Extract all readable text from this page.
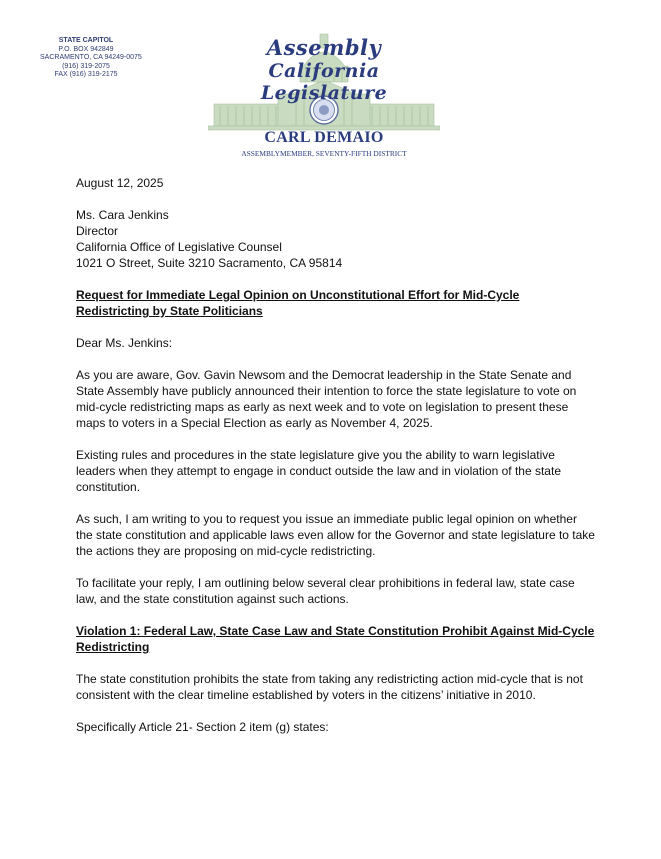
STATE CAPITOL
P.O. BOX 942849
SACRAMENTO, CA 94249-0075
(916) 319-2075
FAX (916) 319-2175
Assembly
California Legislature
CARL DEMAIO
ASSEMBLYMEMBER, SEVENTY-FIFTH DISTRICT

August 12, 2025

Ms. Cara Jenkins
Director
California Office of Legislative Counsel
1021 O Street, Suite 3210 Sacramento, CA 95814

Request for Immediate Legal Opinion on Unconstitutional Effort for Mid-Cycle Redistricting by State Politicians

Dear Ms. Jenkins:

As you are aware, Gov. Gavin Newsom and the Democrat leadership in the State Senate and State Assembly have publicly announced their intention to force the state legislature to vote on mid-cycle redistricting maps as early as next week and to vote on legislation to present these maps to voters in a Special Election as early as November 4, 2025.

Existing rules and procedures in the state legislature give you the ability to warn legislative leaders when they attempt to engage in conduct outside the law and in violation of the state constitution.

As such, I am writing to you to request you issue an immediate public legal opinion on whether the state constitution and applicable laws even allow for the Governor and state legislature to take the actions they are proposing on mid-cycle redistricting.

To facilitate your reply, I am outlining below several clear prohibitions in federal law, state case law, and the state constitution against such actions.

Violation 1: Federal Law, State Case Law and State Constitution Prohibit Against Mid-Cycle Redistricting

The state constitution prohibits the state from taking any redistricting action mid-cycle that is not consistent with the clear timeline established by voters in the citizens’ initiative in 2010.

Specifically Article 21- Section 2 item (g) states:
